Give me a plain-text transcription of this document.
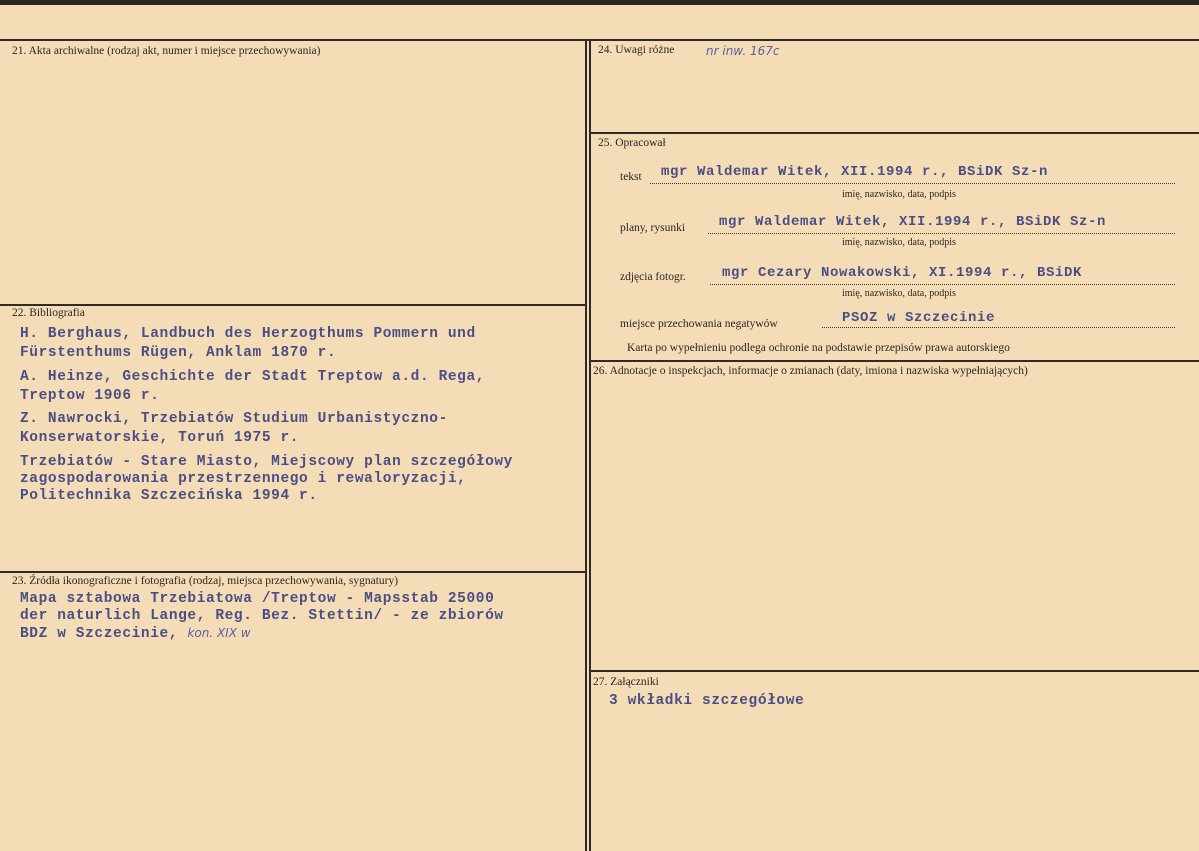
21. Akta archiwalne (rodzaj akt, numer i miejsce przechowywania)
22. Bibliografia
H. Berghaus, Landbuch des Herzogthums Pommern und
Fürstenthums Rügen, Anklam 1870 r.
A. Heinze, Geschichte der Stadt Treptow a.d. Rega,
Treptow 1906 r.
Z. Nawrocki, Trzebiatów Studium Urbanistyczno-
Konserwatorskie, Toruń 1975 r.
Trzebiatów - Stare Miasto, Miejscowy plan szczegółowy
zagospodarowania przestrzennego i rewaloryzacji,
Politechnika Szczecińska 1994 r.
23. Źródła ikonograficzne i fotografia (rodzaj, miejsca przechowywania, sygnatury)
Mapa sztabowa Trzebiatowa /Treptow - Mapsstab 25000
der naturlich Lange, Reg. Bez. Stettin/ - ze zbiorów
BDZ w Szczecinie, kon. XIX w
24. Uwagi różne	nr inw. 167c
25. Opracował
tekst mgr Waldemar Witek, XII.1994 r., BSiDK Sz-n
imię, nazwisko, data, podpis
plany, rysunki mgr Waldemar Witek, XII.1994 r., BSiDK Sz-n
imię, nazwisko, data, podpis
zdjęcia fotogr.	mgr Cezary Nowakowski, XI.1994 r., BSiDK
imię, nazwisko, data, podpis
miejsce przechowania negatywów	PSOZ w Szczecinie
Karta po wypełnieniu podlega ochronie na podstawie przepisów prawa autorskiego
26. Adnotacje o inspekcjach, informacje o zmianach (daty, imiona i nazwiska wypełniających)
27. Załączniki
3 wkładki szczegółowe
